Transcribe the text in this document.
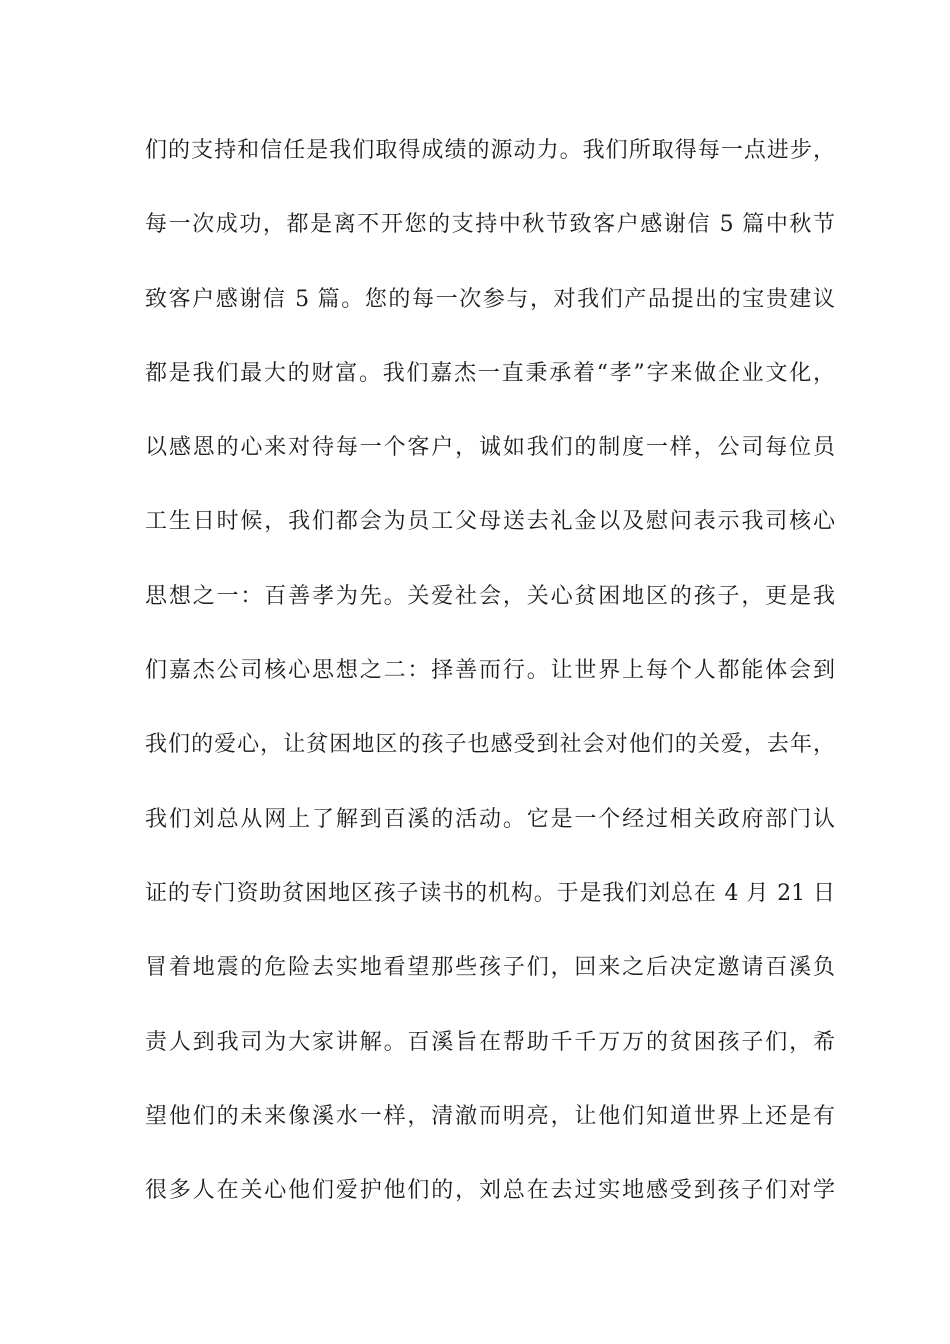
们的支持和信任是我们取得成绩的源动力。我们所取得每一点进步，
每一次成功，都是离不开您的支持中秋节致客户感谢信 5 篇中秋节
致客户感谢信 5 篇。您的每一次参与，对我们产品提出的宝贵建议
都是我们最大的财富。我们嘉杰一直秉承着“孝”字来做企业文化，
以感恩的心来对待每一个客户，诚如我们的制度一样，公司每位员
工生日时候，我们都会为员工父母送去礼金以及慰问表示我司核心
思想之一：百善孝为先。关爱社会，关心贫困地区的孩子，更是我
们嘉杰公司核心思想之二：择善而行。让世界上每个人都能体会到
我们的爱心，让贫困地区的孩子也感受到社会对他们的关爱，去年，
我们刘总从网上了解到百溪的活动。它是一个经过相关政府部门认
证的专门资助贫困地区孩子读书的机构。于是我们刘总在 4 月 21 日
冒着地震的危险去实地看望那些孩子们，回来之后决定邀请百溪负
责人到我司为大家讲解。百溪旨在帮助千千万万的贫困孩子们，希
望他们的未来像溪水一样，清澈而明亮，让他们知道世界上还是有
很多人在关心他们爱护他们的，刘总在去过实地感受到孩子们对学
